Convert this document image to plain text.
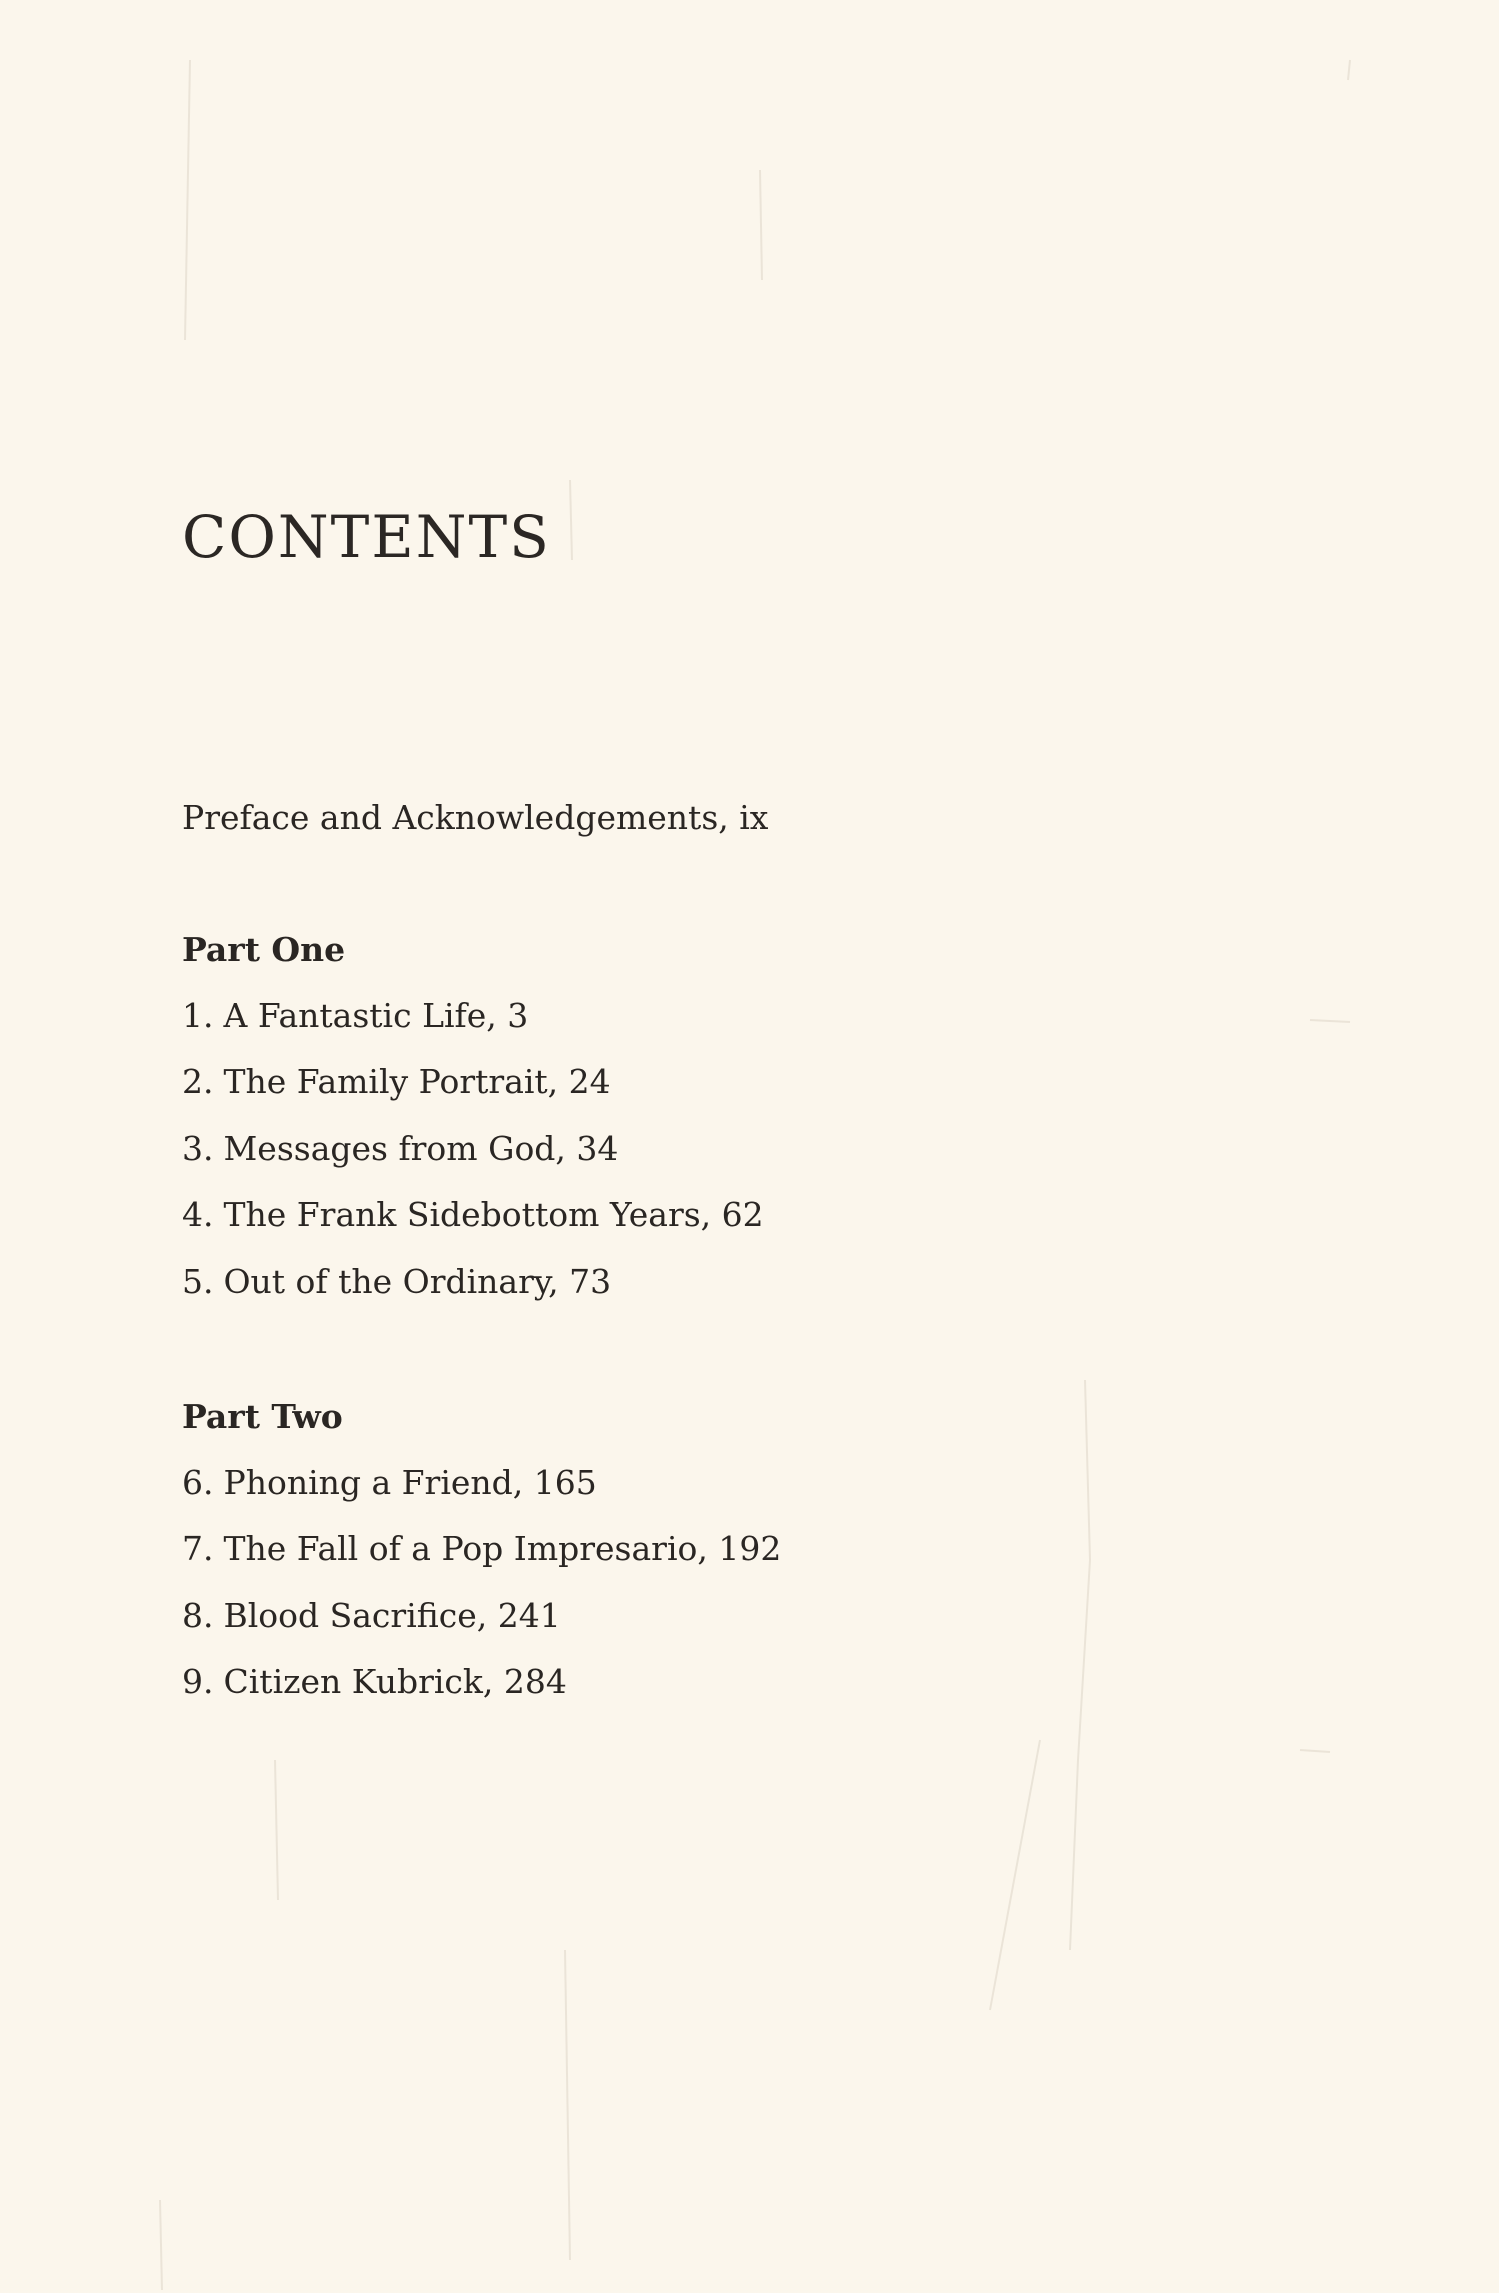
CONTENTS
Preface and Acknowledgements, ix
Part One
1. A Fantastic Life, 3
2. The Family Portrait, 24
3. Messages from God, 34
4. The Frank Sidebottom Years, 62
5. Out of the Ordinary, 73
Part Two
6. Phoning a Friend, 165
7. The Fall of a Pop Impresario, 192
8. Blood Sacrifice, 241
9. Citizen Kubrick, 284
